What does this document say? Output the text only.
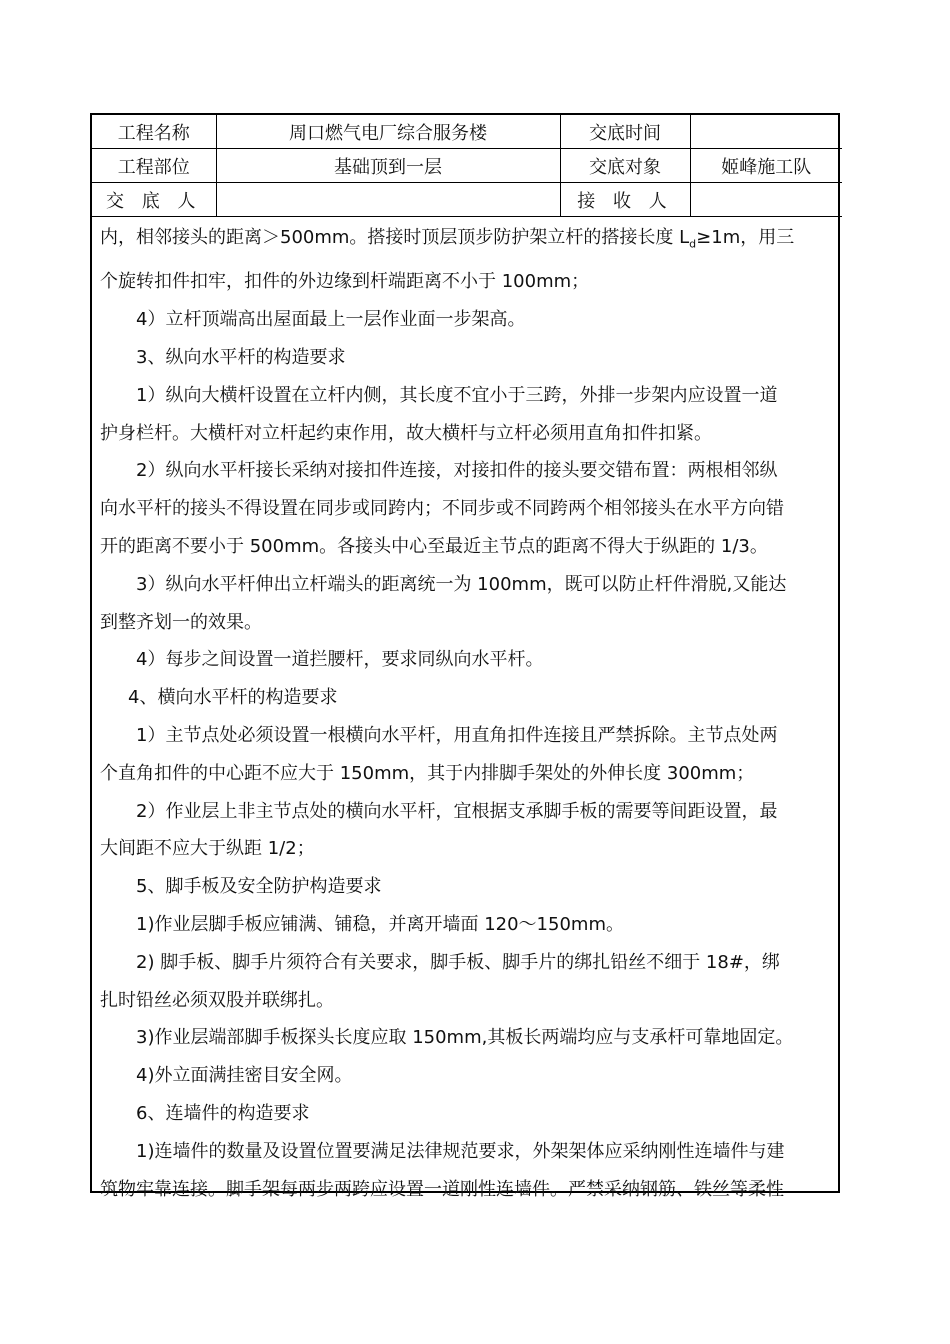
工程名称	周口燃气电厂综合服务楼	交底时间	
工程部位	基础顶到一层	交底对象	姬峰施工队
交 底 人		接 收 人	

内，相邻接头的距离＞500mm。搭接时顶层顶步防护架立杆的搭接长度 $L_d\ge 1m$，用三

个旋转扣件扣牢，扣件的外边缘到杆端距离不小于 100mm；

4）立杆顶端高出屋面最上一层作业面一步架高。

3、纵向水平杆的构造要求

1）纵向大横杆设置在立杆内侧，其长度不宜小于三跨，外排一步架内应设置一道

护身栏杆。大横杆对立杆起约束作用，故大横杆与立杆必须用直角扣件扣紧。

2）纵向水平杆接长采纳对接扣件连接，对接扣件的接头要交错布置：两根相邻纵

向水平杆的接头不得设置在同步或同跨内；不同步或不同跨两个相邻接头在水平方向错

开的距离不要小于 500mm。各接头中心至最近主节点的距离不得大于纵距的 1/3。

3）纵向水平杆伸出立杆端头的距离统一为 100mm，既可以防止杆件滑脱,又能达

到整齐划一的效果。

4）每步之间设置一道拦腰杆，要求同纵向水平杆。

4、横向水平杆的构造要求

1）主节点处必须设置一根横向水平杆，用直角扣件连接且严禁拆除。主节点处两

个直角扣件的中心距不应大于 150mm，其于内排脚手架处的外伸长度 300mm；

2）作业层上非主节点处的横向水平杆，宜根据支承脚手板的需要等间距设置，最

大间距不应大于纵距 1/2；

5、脚手板及安全防护构造要求

1)作业层脚手板应铺满、铺稳，并离开墙面 120～150mm。

2) 脚手板、脚手片须符合有关要求，脚手板、脚手片的绑扎铅丝不细于 18#，绑

扎时铅丝必须双股并联绑扎。

3)作业层端部脚手板探头长度应取 150mm,其板长两端均应与支承杆可靠地固定。

4)外立面满挂密目安全网。

6、连墙件的构造要求

1)连墙件的数量及设置位置要满足法律规范要求，外架架体应采纳刚性连墙件与建

筑物牢靠连接。脚手架每两步两跨应设置一道刚性连墙件。严禁采纳钢筋、铁丝等柔性
